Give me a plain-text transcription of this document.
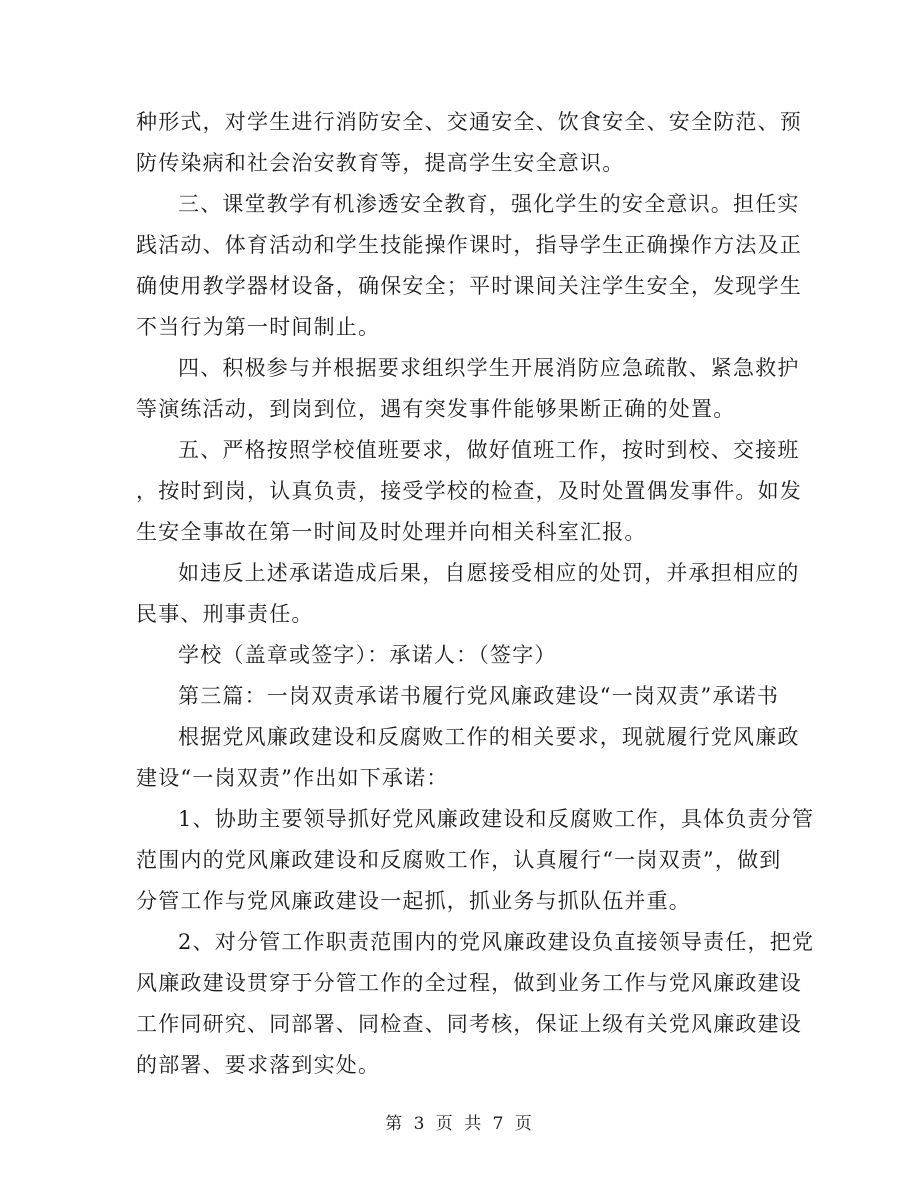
种形式，对学生进行消防安全、交通安全、饮食安全、安全防范、预
防传染病和社会治安教育等，提高学生安全意识。
三、课堂教学有机渗透安全教育，强化学生的安全意识。担任实
践活动、体育活动和学生技能操作课时，指导学生正确操作方法及正
确使用教学器材设备，确保安全；平时课间关注学生安全，发现学生
不当行为第一时间制止。
四、积极参与并根据要求组织学生开展消防应急疏散、紧急救护
等演练活动，到岗到位，遇有突发事件能够果断正确的处置。
五、严格按照学校值班要求，做好值班工作，按时到校、交接班
，按时到岗，认真负责，接受学校的检查，及时处置偶发事件。如发
生安全事故在第一时间及时处理并向相关科室汇报。
如违反上述承诺造成后果，自愿接受相应的处罚，并承担相应的
民事、刑事责任。
学校（盖章或签字）：承诺人：（签字）
第三篇：一岗双责承诺书履行党风廉政建设“一岗双责”承诺书
根据党风廉政建设和反腐败工作的相关要求，现就履行党风廉政
建设“一岗双责”作出如下承诺：
1、协助主要领导抓好党风廉政建设和反腐败工作，具体负责分管
范围内的党风廉政建设和反腐败工作，认真履行“一岗双责”，做到
分管工作与党风廉政建设一起抓，抓业务与抓队伍并重。
2、对分管工作职责范围内的党风廉政建设负直接领导责任，把党
风廉政建设贯穿于分管工作的全过程，做到业务工作与党风廉政建设
工作同研究、同部署、同检查、同考核，保证上级有关党风廉政建设
的部署、要求落到实处。
第 3 页 共 7 页
